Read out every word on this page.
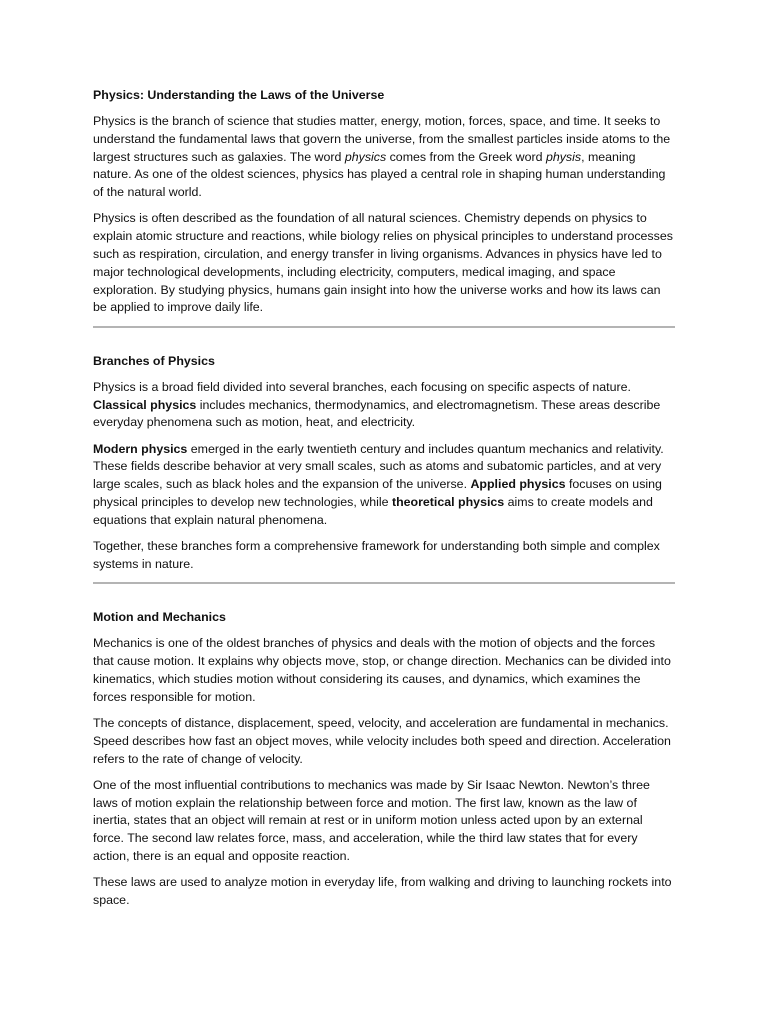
Physics: Understanding the Laws of the Universe

Physics is the branch of science that studies matter, energy, motion, forces, space, and time. It seeks to understand the fundamental laws that govern the universe, from the smallest particles inside atoms to the largest structures such as galaxies. The word physics comes from the Greek word physis, meaning nature. As one of the oldest sciences, physics has played a central role in shaping human understanding of the natural world.

Physics is often described as the foundation of all natural sciences. Chemistry depends on physics to explain atomic structure and reactions, while biology relies on physical principles to understand processes such as respiration, circulation, and energy transfer in living organisms. Advances in physics have led to major technological developments, including electricity, computers, medical imaging, and space exploration. By studying physics, humans gain insight into how the universe works and how its laws can be applied to improve daily life.

Branches of Physics

Physics is a broad field divided into several branches, each focusing on specific aspects of nature. Classical physics includes mechanics, thermodynamics, and electromagnetism. These areas describe everyday phenomena such as motion, heat, and electricity.

Modern physics emerged in the early twentieth century and includes quantum mechanics and relativity. These fields describe behavior at very small scales, such as atoms and subatomic particles, and at very large scales, such as black holes and the expansion of the universe. Applied physics focuses on using physical principles to develop new technologies, while theoretical physics aims to create models and equations that explain natural phenomena.

Together, these branches form a comprehensive framework for understanding both simple and complex systems in nature.

Motion and Mechanics

Mechanics is one of the oldest branches of physics and deals with the motion of objects and the forces that cause motion. It explains why objects move, stop, or change direction. Mechanics can be divided into kinematics, which studies motion without considering its causes, and dynamics, which examines the forces responsible for motion.

The concepts of distance, displacement, speed, velocity, and acceleration are fundamental in mechanics. Speed describes how fast an object moves, while velocity includes both speed and direction. Acceleration refers to the rate of change of velocity.

One of the most influential contributions to mechanics was made by Sir Isaac Newton. Newton’s three laws of motion explain the relationship between force and motion. The first law, known as the law of inertia, states that an object will remain at rest or in uniform motion unless acted upon by an external force. The second law relates force, mass, and acceleration, while the third law states that for every action, there is an equal and opposite reaction.

These laws are used to analyze motion in everyday life, from walking and driving to launching rockets into space.
